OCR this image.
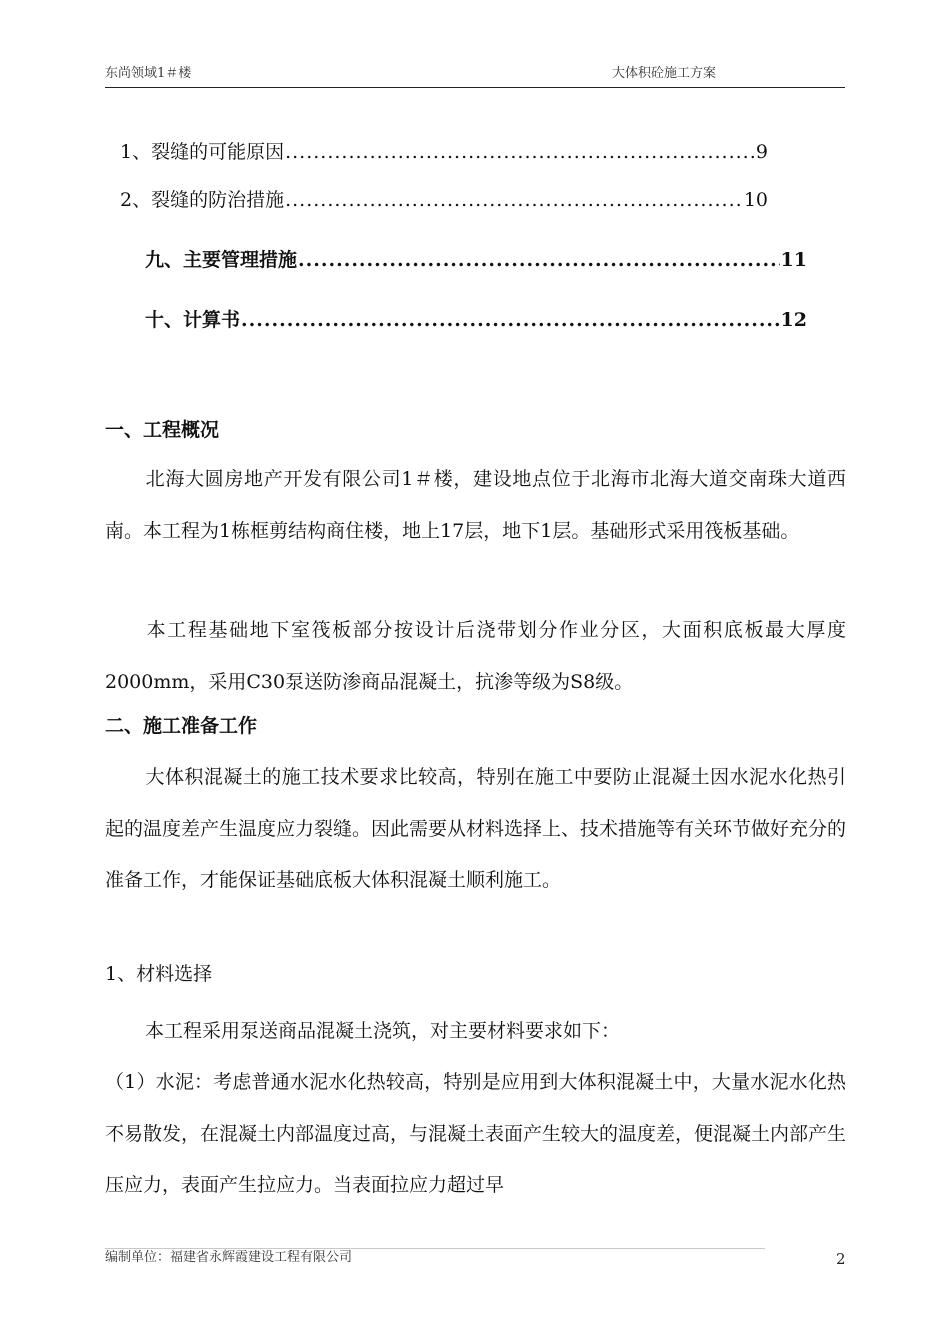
东尚领域1＃楼	大体积砼施工方案
1、裂缝的可能原因 .....	9
2、裂缝的防治措施 .....	10
九、主要管理措施 .....	11
十、计算书 .....	12
一、工程概况
北海大圆房地产开发有限公司1＃楼，建设地点位于北海市北海大道交南珠大道西南。本工程为1栋框剪结构商住楼，地上17层，地下1层。基础形式采用筏板基础。
本工程基础地下室筏板部分按设计后浇带划分作业分区，大面积底板最大厚度2000mm，采用C30泵送防渗商品混凝土，抗渗等级为S8级。
二、施工准备工作
大体积混凝土的施工技术要求比较高，特别在施工中要防止混凝土因水泥水化热引起的温度差产生温度应力裂缝。因此需要从材料选择上、技术措施等有关环节做好充分的准备工作，才能保证基础底板大体积混凝土顺利施工。
1、材料选择
本工程采用泵送商品混凝土浇筑，对主要材料要求如下：
（1）水泥：考虑普通水泥水化热较高，特别是应用到大体积混凝土中，大量水泥水化热不易散发，在混凝土内部温度过高，与混凝土表面产生较大的温度差，便混凝土内部产生压应力，表面产生拉应力。当表面拉应力超过早
编制单位：福建省永辉霞建设工程有限公司	2
